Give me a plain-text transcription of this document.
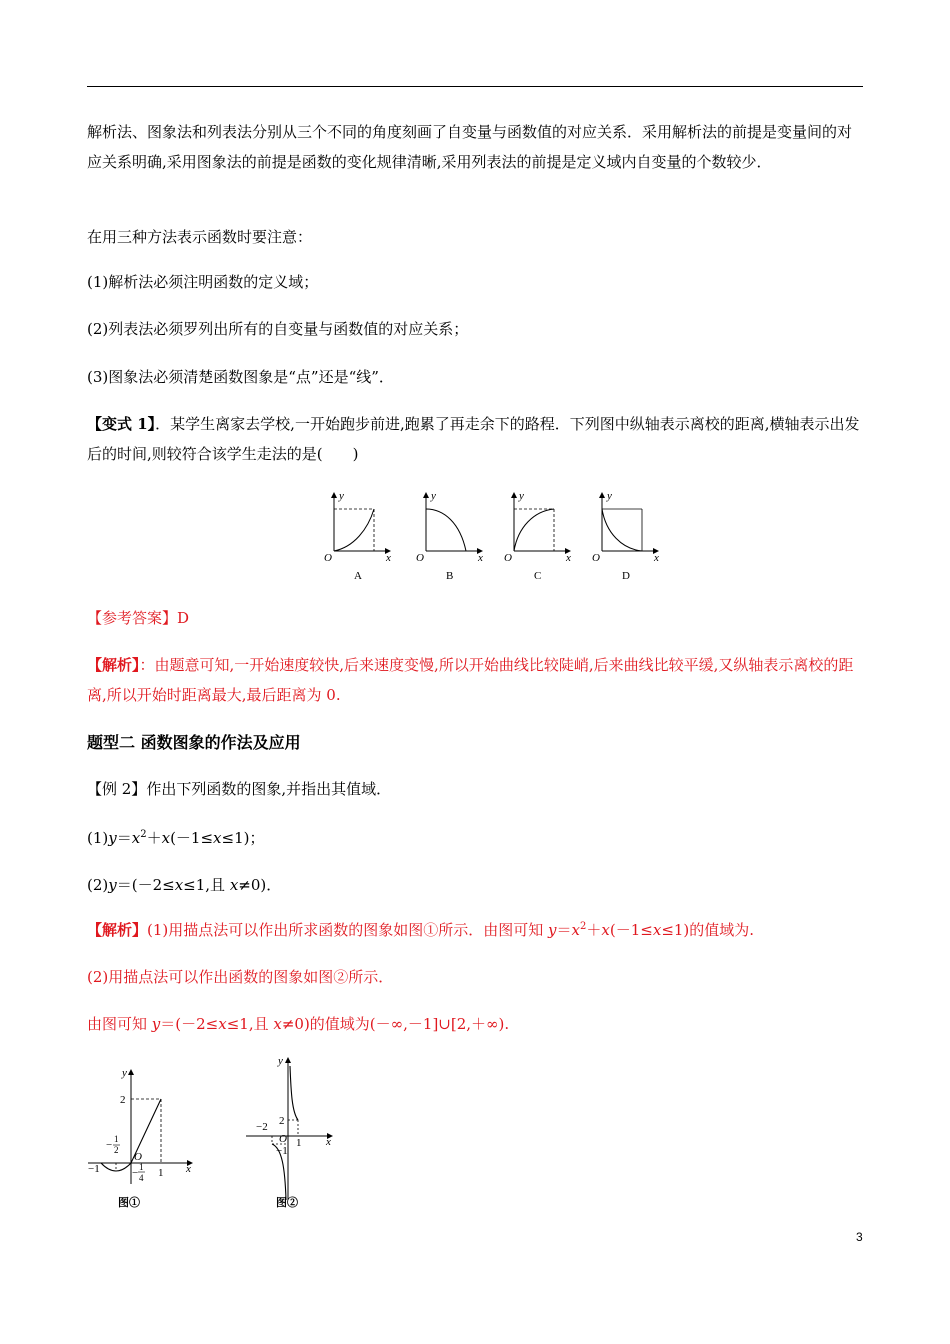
解析法、图象法和列表法分别从三个不同的角度刻画了自变量与函数值的对应关系．采用解析法的前提是变量间的对应关系明确,采用图象法的前提是函数的变化规律清晰,采用列表法的前提是定义域内自变量的个数较少．

在用三种方法表示函数时要注意：

(1)解析法必须注明函数的定义域；

(2)列表法必须罗列出所有的自变量与函数值的对应关系；

(3)图象法必须清楚函数图象是“点”还是“线”．

【变式 1】．某学生离家去学校,一开始跑步前进,跑累了再走余下的路程．下列图中纵轴表示离校的距离,横轴表示出发后的时间,则较符合该学生走法的是(　　)

y
x
O
A
y
x
O
B
y
x
O
C
y
x
O
D

【参考答案】D

【解析】：由题意可知,一开始速度较快,后来速度变慢,所以开始曲线比较陡峭,后来曲线比较平缓,又纵轴表示离校的距离,所以开始时距离最大,最后距离为 0.

题型二 函数图象的作法及应用

【例 2】作出下列函数的图象,并指出其值域．

$(1)y=x^2+x(-1\le x\le 1)$；

(2)y＝(－2≤x≤1,且 x≠0)．

【解析】(1)用描点法可以作出所求函数的图象如图①所示．由图可知 $y=x^2+x(-1\le x\le 1)$的值域为.

(2)用描点法可以作出函数的图象如图②所示．

由图可知 y＝(－2≤x≤1,且 x≠0)的值域为(－∞,－1]∪[2,＋∞).

y
x
O
2
−1	1
− 1
2
− 1
4
图①
y
x
O
2
−2
−1
1
图②
3
